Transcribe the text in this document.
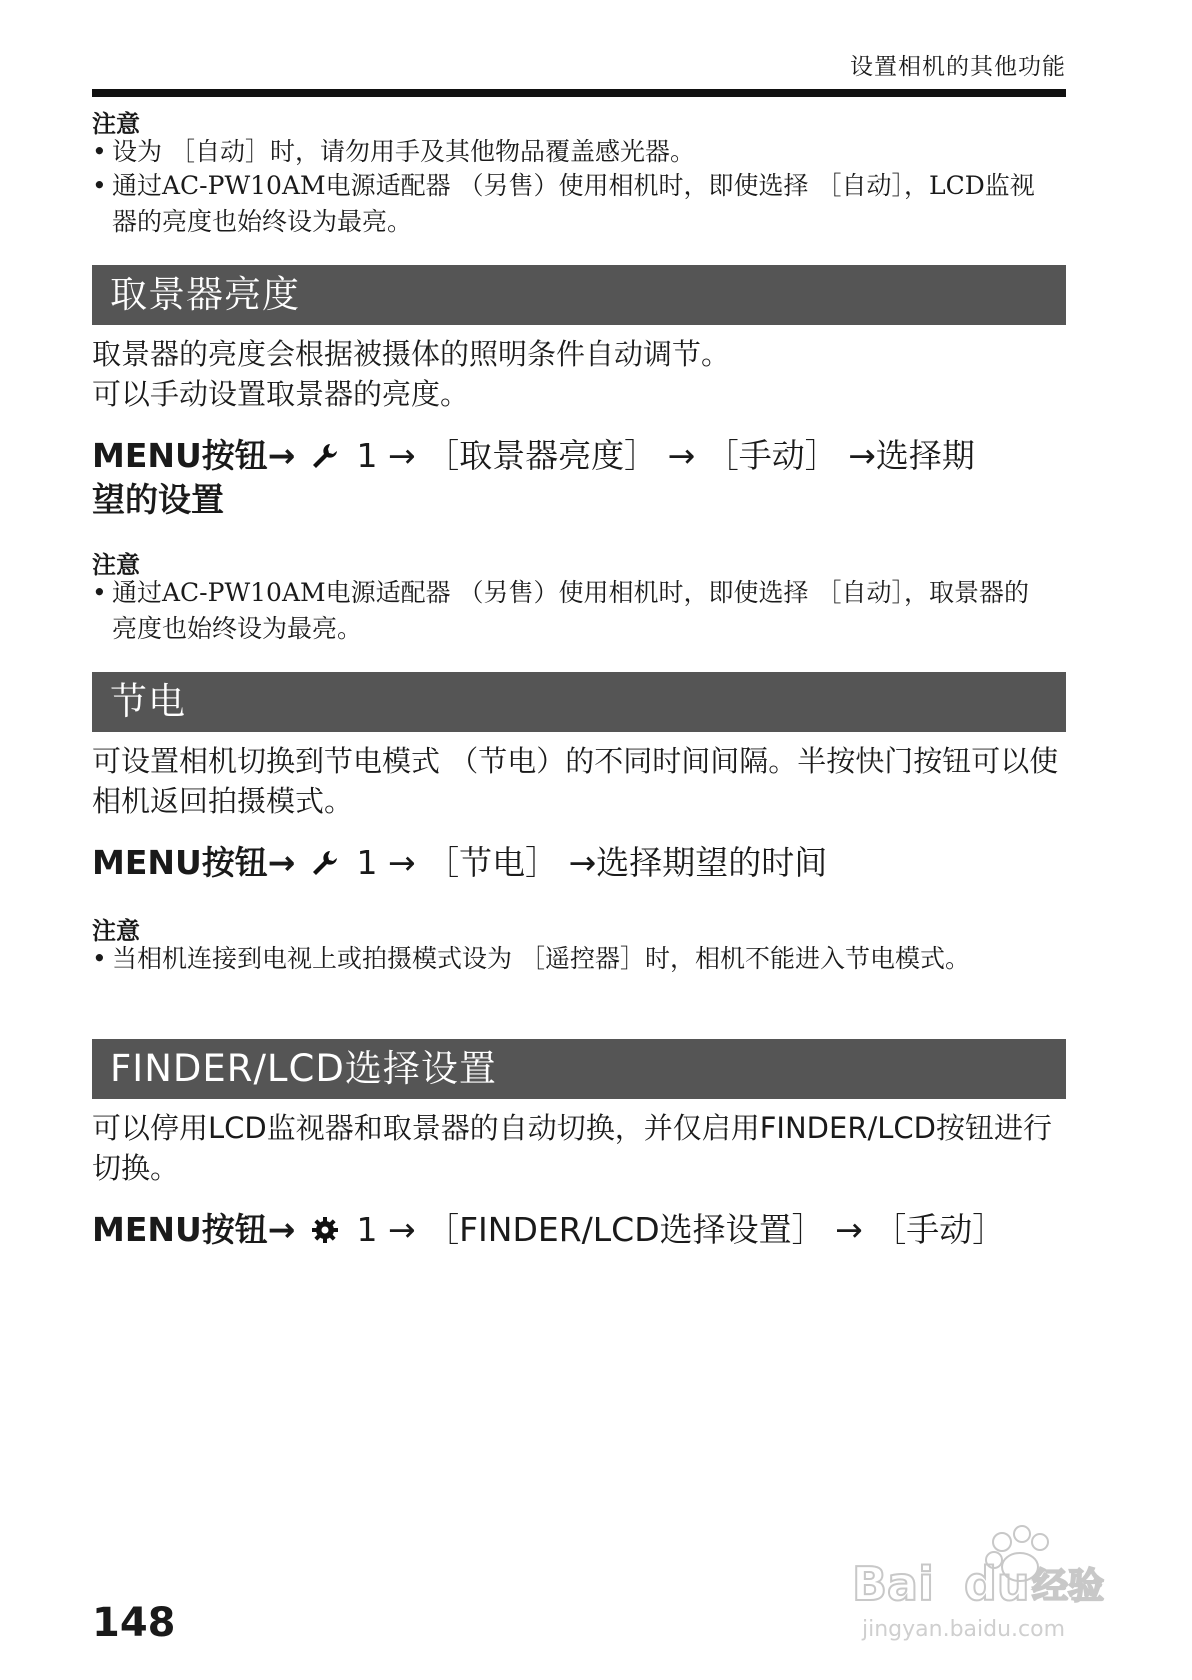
设置相机的其他功能
注意
• 设为 ［自动］时，请勿用手及其他物品覆盖感光器。
• 通过AC-PW10AM电源适配器 （另售）使用相机时，即使选择 ［自动］，LCD监视器的亮度也始终设为最亮。
取景器亮度
取景器的亮度会根据被摄体的照明条件自动调节。
可以手动设置取景器的亮度。
MENU按钮→ 1 → ［取景器亮度］ → ［手动］ →选择期
望的设置
注意
• 通过AC-PW10AM电源适配器 （另售）使用相机时，即使选择 ［自动］，取景器的亮度也始终设为最亮。
节电
可设置相机切换到节电模式 （节电）的不同时间间隔。半按快门按钮可以使相机返回拍摄模式。
MENU按钮→ 1 → ［节电］ →选择期望的时间
注意
• 当相机连接到电视上或拍摄模式设为 ［遥控器］时，相机不能进入节电模式。
FINDER/LCD选择设置
可以停用LCD监视器和取景器的自动切换，并仅启用FINDER/LCD按钮进行切换。
MENU按钮→ 1 → ［FINDER/LCD选择设置］ → ［手动］
148
Bai du 经验
jingyan.baidu.com
